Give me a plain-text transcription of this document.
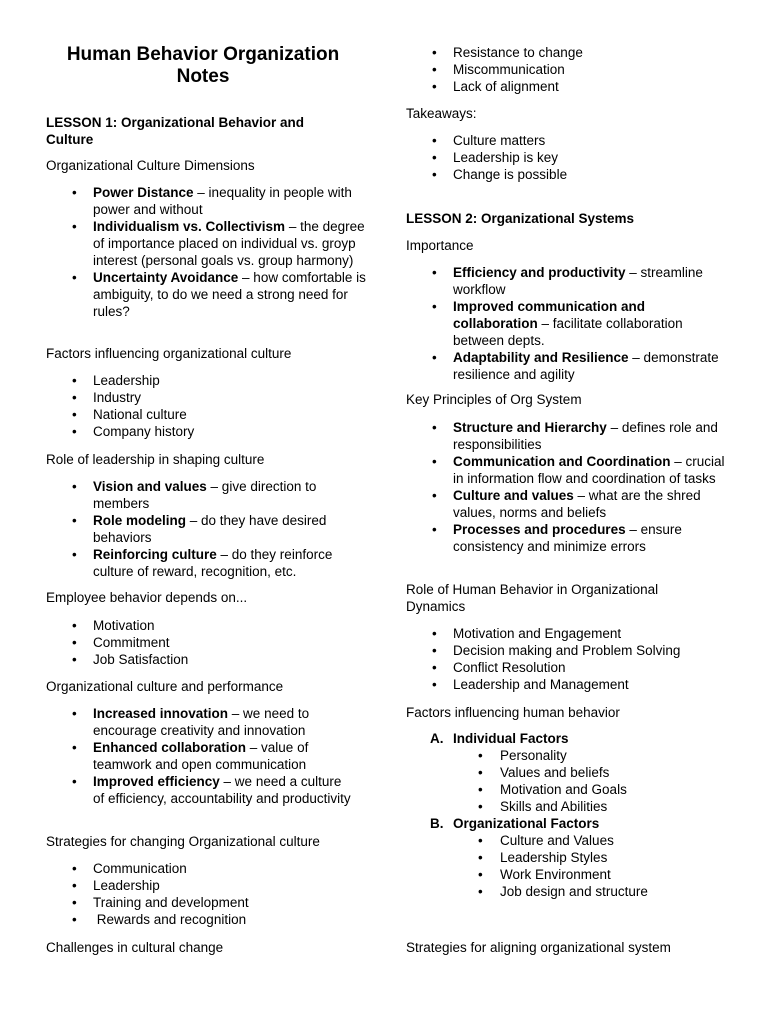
Human Behavior Organization Notes
LESSON 1: Organizational Behavior and Culture
Organizational Culture Dimensions
• Power Distance – inequality in people with power and without
• Individualism vs. Collectivism – the degree of importance placed on individual vs. groyp interest (personal goals vs. group harmony)
• Uncertainty Avoidance – how comfortable is ambiguity, to do we need a strong need for rules?
Factors influencing organizational culture
• Leadership
• Industry
• National culture
• Company history
Role of leadership in shaping culture
• Vision and values – give direction to members
• Role modeling – do they have desired behaviors
• Reinforcing culture – do they reinforce culture of reward, recognition, etc.
Employee behavior depends on...
• Motivation
• Commitment
• Job Satisfaction
Organizational culture and performance
• Increased innovation – we need to encourage creativity and innovation
• Enhanced collaboration – value of teamwork and open communication
• Improved efficiency – we need a culture of efficiency, accountability and productivity
Strategies for changing Organizational culture
• Communication
• Leadership
• Training and development
•  Rewards and recognition
Challenges in cultural change
• Resistance to change
• Miscommunication
• Lack of alignment
Takeaways:
• Culture matters
• Leadership is key
• Change is possible
LESSON 2: Organizational Systems
Importance
• Efficiency and productivity – streamline workflow
• Improved communication and collaboration – facilitate collaboration between depts.
• Adaptability and Resilience – demonstrate resilience and agility
Key Principles of Org System
• Structure and Hierarchy – defines role and responsibilities
• Communication and Coordination – crucial in information flow and coordination of tasks
• Culture and values – what are the shred values, norms and beliefs
• Processes and procedures – ensure consistency and minimize errors
Role of Human Behavior in Organizational Dynamics
• Motivation and Engagement
• Decision making and Problem Solving
• Conflict Resolution
• Leadership and Management
Factors influencing human behavior
A. Individual Factors
• Personality
• Values and beliefs
• Motivation and Goals
• Skills and Abilities
B. Organizational Factors
• Culture and Values
• Leadership Styles
• Work Environment
• Job design and structure
Strategies for aligning organizational system
